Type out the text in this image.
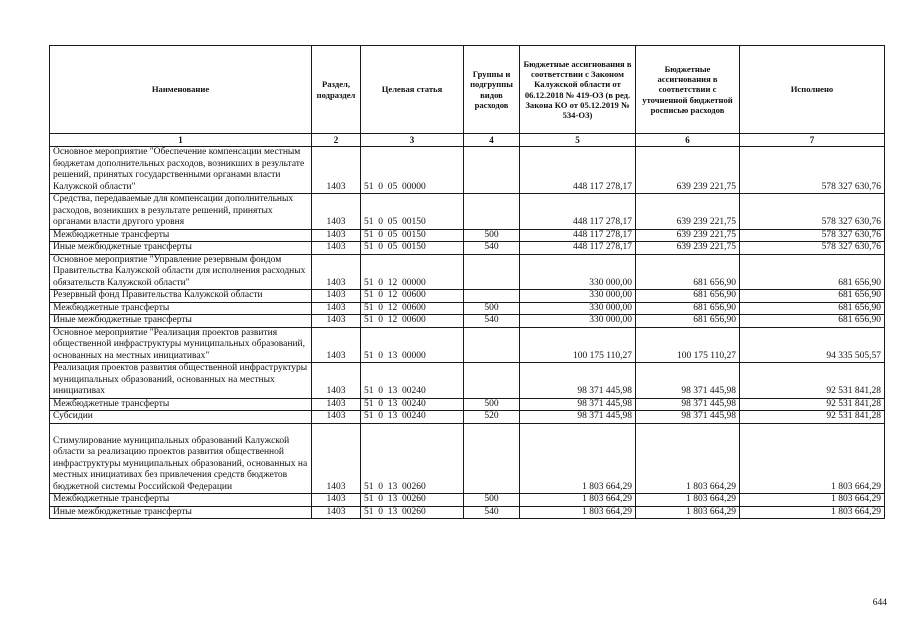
Наименование	Раздел, подраздел	Целевая статья	Группы и подгруппы видов расходов	Бюджетные ассигнования в соответствии с Законом Калужской области от 06.12.2018 № 419-ОЗ (в ред. Закона КО от 05.12.2019 № 534-ОЗ)	Бюджетные ассигнования в соответствии с уточненной бюджетной росписью расходов	Исполнено
1	2	3	4	5	6	7
Основное мероприятие "Обеспечение компенсации местным бюджетам дополнительных расходов, возникших в результате решений, принятых государственными органами власти Калужской области"	1403	51  0  05  00000		448 117 278,17	639 239 221,75	578 327 630,76
Средства, передаваемые для компенсации дополнительных расходов, возникших в результате решений, принятых органами власти другого уровня	1403	51  0  05  00150		448 117 278,17	639 239 221,75	578 327 630,76
Межбюджетные трансферты	1403	51  0  05  00150	500	448 117 278,17	639 239 221,75	578 327 630,76
Иные межбюджетные трансферты	1403	51  0  05  00150	540	448 117 278,17	639 239 221,75	578 327 630,76
Основное мероприятие "Управление резервным фондом Правительства Калужской области для исполнения расходных обязательств Калужской области"	1403	51  0  12  00000		330 000,00	681 656,90	681 656,90
Резервный фонд Правительства Калужской области	1403	51  0  12  00600		330 000,00	681 656,90	681 656,90
Межбюджетные трансферты	1403	51  0  12  00600	500	330 000,00	681 656,90	681 656,90
Иные межбюджетные трансферты	1403	51  0  12  00600	540	330 000,00	681 656,90	681 656,90
Основное мероприятие "Реализация проектов развития общественной инфраструктуры муниципальных образований, основанных на местных инициативах"	1403	51  0  13  00000		100 175 110,27	100 175 110,27	94 335 505,57
Реализация проектов развития общественной инфраструктуры муниципальных образований, основанных на местных инициативах	1403	51  0  13  00240		98 371 445,98	98 371 445,98	92 531 841,28
Межбюджетные трансферты	1403	51  0  13  00240	500	98 371 445,98	98 371 445,98	92 531 841,28
Субсидии	1403	51  0  13  00240	520	98 371 445,98	98 371 445,98	92 531 841,28
Стимулирование муниципальных образований Калужской области за реализацию проектов развития общественной инфраструктуры муниципальных образований, основанных на местных инициативах без привлечения средств бюджетов бюджетной системы Российской Федерации	1403	51  0  13  00260		1 803 664,29	1 803 664,29	1 803 664,29
Межбюджетные трансферты	1403	51  0  13  00260	500	1 803 664,29	1 803 664,29	1 803 664,29
Иные межбюджетные трансферты	1403	51  0  13  00260	540	1 803 664,29	1 803 664,29	1 803 664,29
644
